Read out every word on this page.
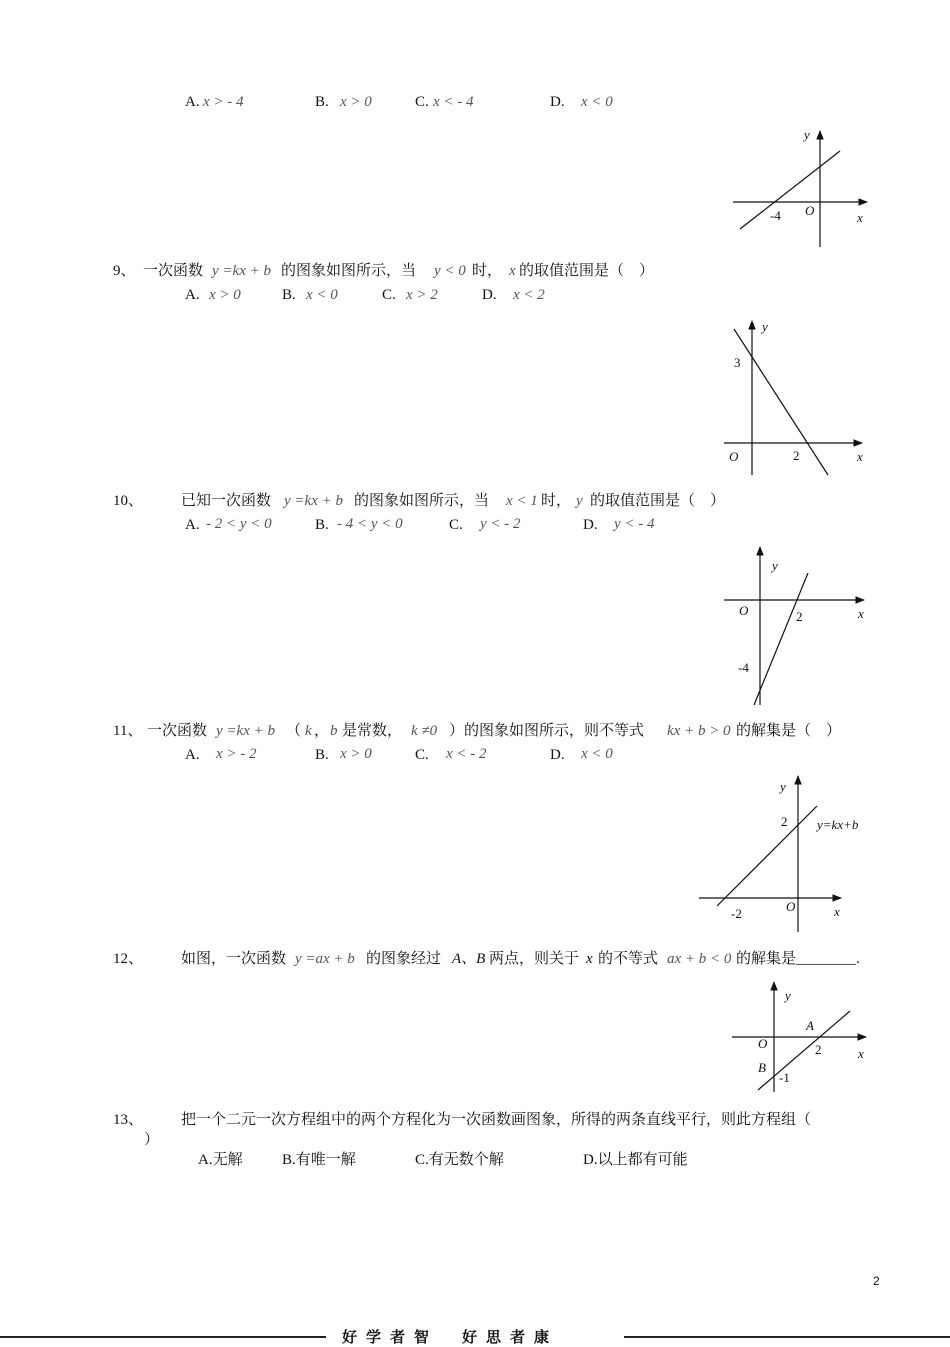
A. x > - 4	B. x > 0	C. x < - 4	D. x < 0
y
x
O
-4
9、 一次函数 y =kx + b 的图象如图所示，当 y < 0 时， x 的取值范围是（　）
A. x > 0	B. x < 0	C. x > 2	D. x < 2
y
x
O
3
2
10、	已知一次函数 y =kx + b 的图象如图所示，当 x < 1 时， y 的取值范围是（　）
A. - 2 < y < 0	B. - 4 < y < 0	C. y < - 2	D. y < - 4
y
x
O	2
-4
11、 一次函数 y =kx + b （ k ， b 是常数， k ≠0 ）的图象如图所示，则不等式 kx + b > 0 的解集是（　）
A. x > - 2	B. x > 0	C. x < - 2	D. x < 0
y
x
O
2
-2
y=kx+b
12、	如图，一次函数 y =ax + b 的图象经过 A、B 两点，则关于 x 的不等式 ax + b < 0 的解集是________.
y
x
O
A
B
2
-1
13、	把一个二元一次方程组中的两个方程化为一次函数画图象，所得的两条直线平行，则此方程组（
）
A.无解	B.有唯一解	C.有无数个解	D.以上都有可能
2
好学者智　好思者康
